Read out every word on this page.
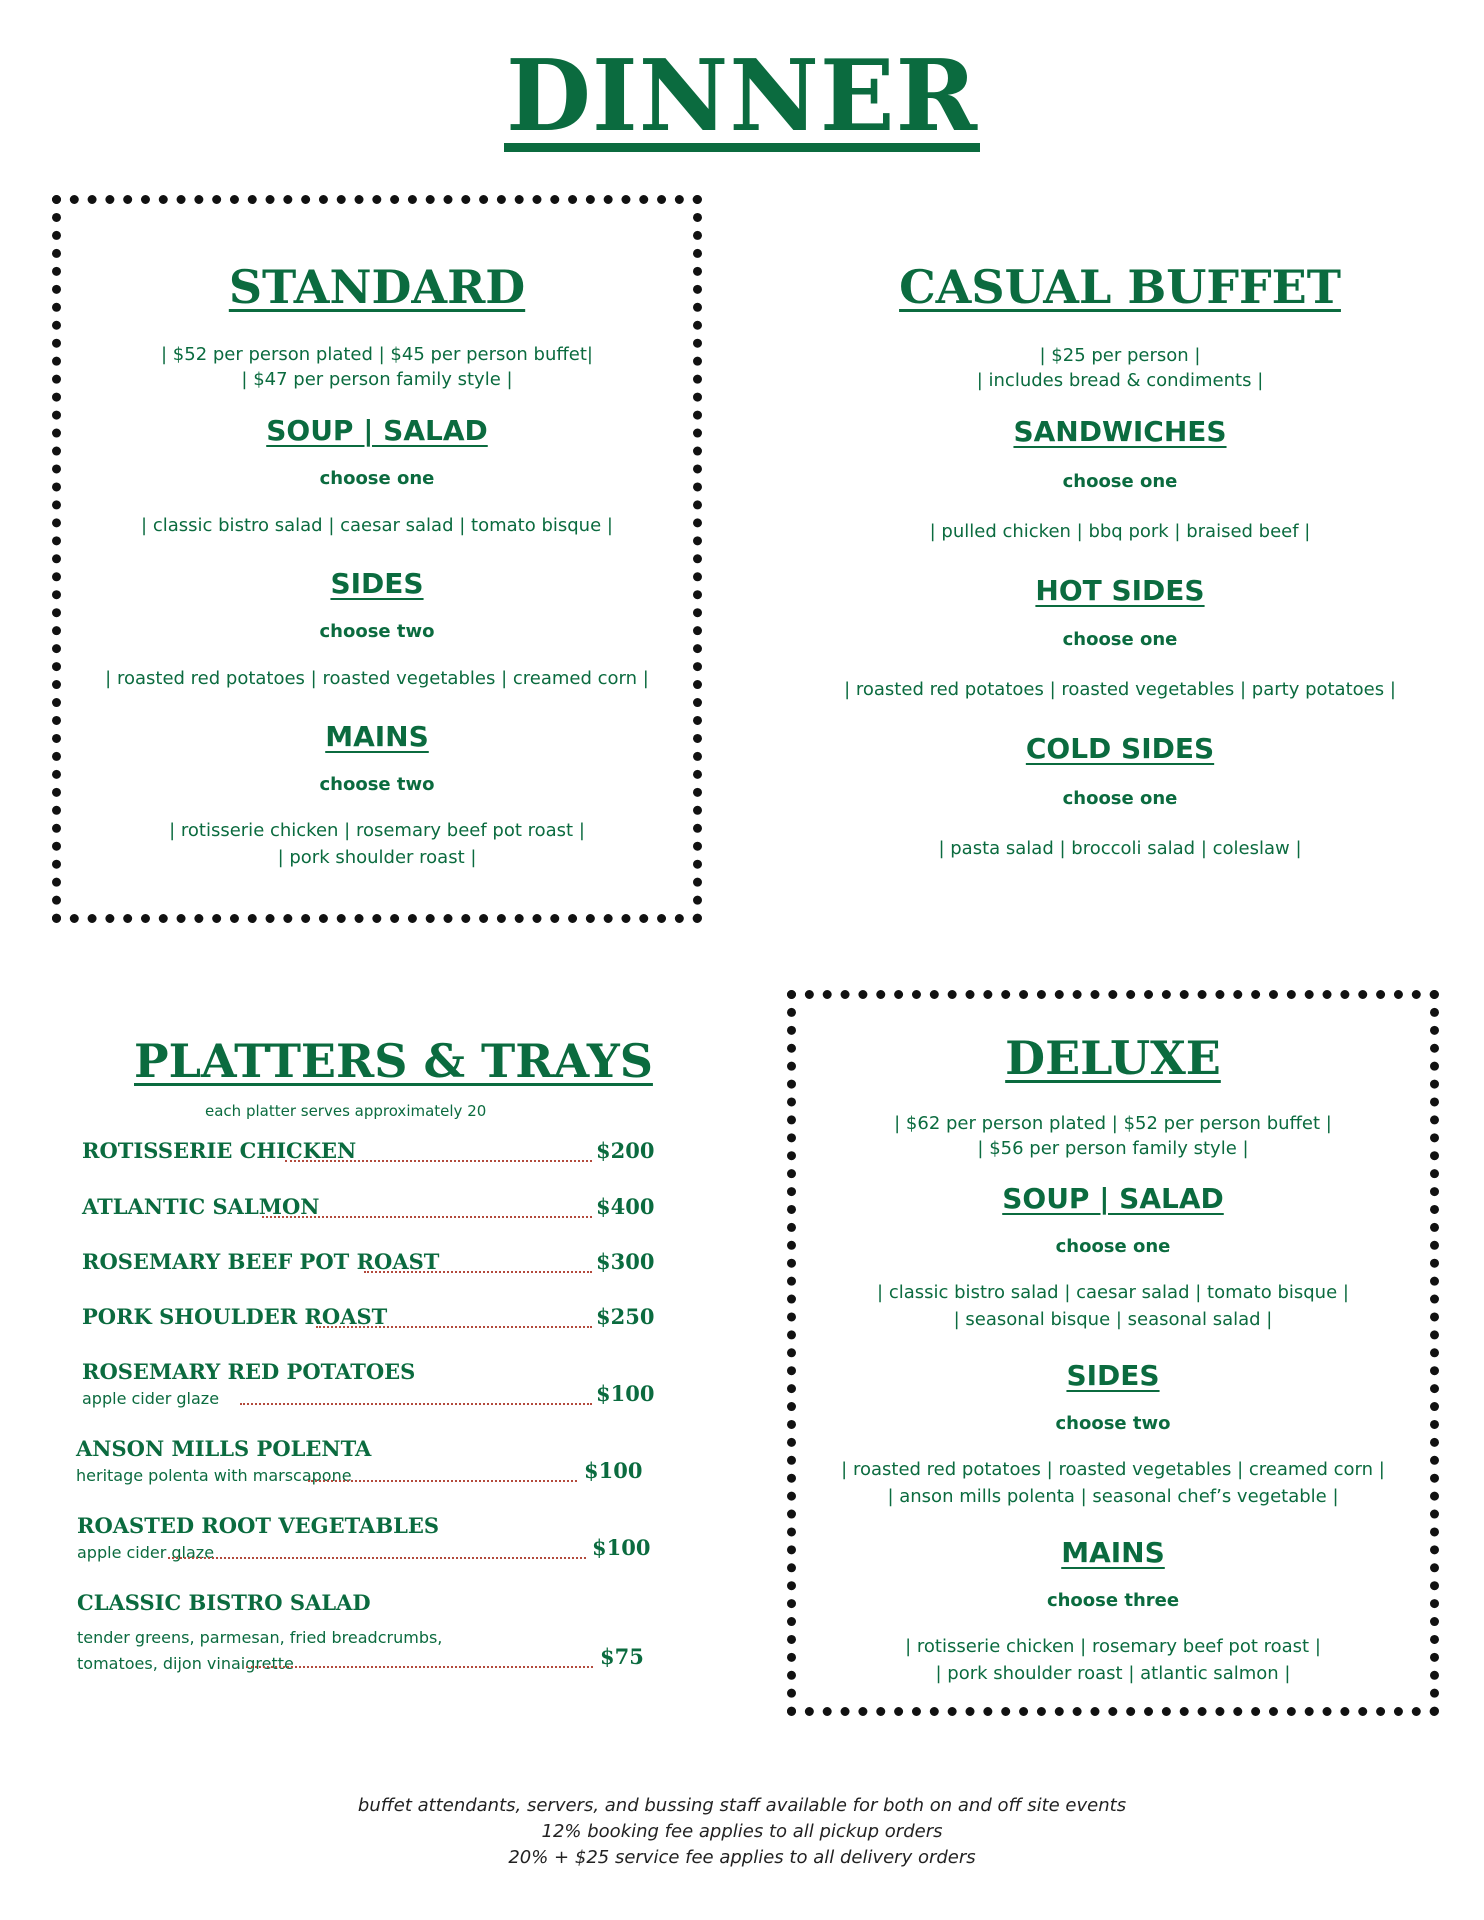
DINNER
STANDARD

| $52 per person plated | $45 per person buffet|

| $47 per person family style |

SOUP | SALAD

choose one

| classic bistro salad | caesar salad | tomato bisque |

SIDES

choose two

| roasted red potatoes | roasted vegetables | creamed corn |

MAINS

choose two

| rotisserie chicken | rosemary beef pot roast |

| pork shoulder roast |

CASUAL BUFFET

| $25 per person |

| includes bread & condiments |

SANDWICHES

choose one

| pulled chicken | bbq pork | braised beef |

HOT SIDES

choose one

| roasted red potatoes | roasted vegetables | party potatoes |

COLD SIDES

choose one

| pasta salad | broccoli salad | coleslaw |

PLATTERS & TRAYS

each platter serves approximately 20

ROTISSERIE CHICKEN	$200
ATLANTIC SALMON	$400
ROSEMARY BEEF POT ROAST	$300
PORK SHOULDER ROAST	$250
ROSEMARY RED POTATOES
apple cider glaze	$100
ANSON MILLS POLENTA
heritage polenta with marscapone	$100
ROASTED ROOT VEGETABLES
apple cider glaze	$100
CLASSIC BISTRO SALAD
tender greens, parmesan, fried breadcrumbs,
tomatoes, dijon vinaigrette	$75
DELUXE

| $62 per person plated | $52 per person buffet |

| $56 per person family style |

SOUP | SALAD

choose one

| classic bistro salad | caesar salad | tomato bisque |

| seasonal bisque | seasonal salad |

SIDES

choose two

| roasted red potatoes | roasted vegetables | creamed corn |

| anson mills polenta | seasonal chef’s vegetable |

MAINS

choose three

| rotisserie chicken | rosemary beef pot roast |

| pork shoulder roast | atlantic salmon |

buffet attendants, servers, and bussing staff available for both on and off site events
12% booking fee applies to all pickup orders
20% + $25 service fee applies to all delivery orders
